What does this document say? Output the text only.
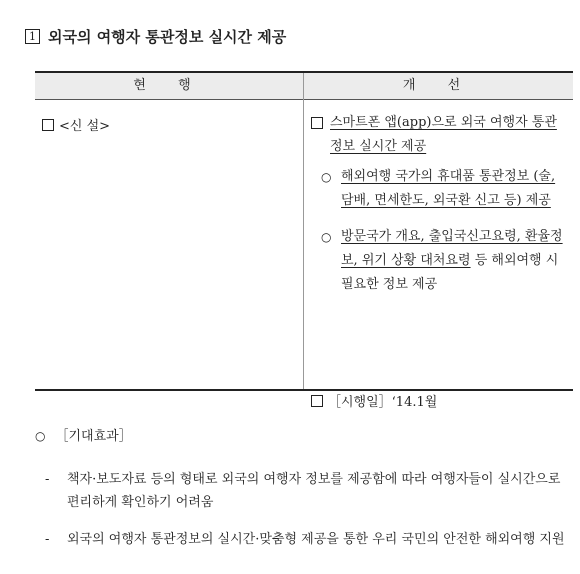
1 외국의 여행자 통관정보 실시간 제공
현 행	개 선
<신 설>	스마트폰 앱(app)으로 외국 여행자 통관정보 실시간 제공
○ 해외여행 국가의 휴대품 통관정보 (술, 담배, 면세한도, 외국환 신고 등) 제공
○ 방문국가 개요, 출입국신고요령, 환율정보, 위기 상황 대처요령 등 해외여행 시 필요한 정보 제공
［시행일］‘14.1월
○ ［기대효과］
-	책자·보도자료 등의 형태로 외국의 여행자 정보를 제공함에 따라 여행자들이 실시간으로 편리하게 확인하기 어려움
-	외국의 여행자 통관정보의 실시간·맞춤형 제공을 통한 우리 국민의 안전한 해외여행 지원
